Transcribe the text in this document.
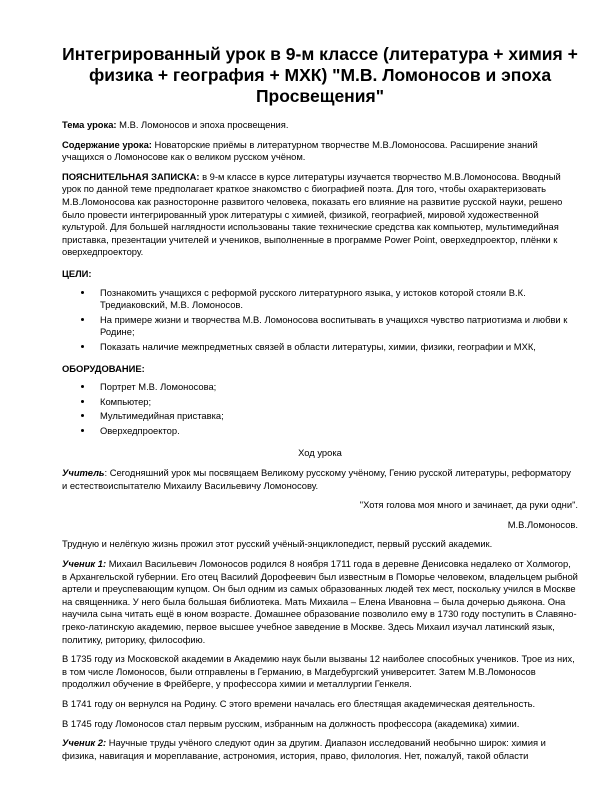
Интегрированный урок в 9-м классе (литература + химия + физика + география + МХК) "М.В. Ломоносов и эпоха Просвещения"

Тема урока: М.В. Ломоносов и эпоха просвещения.

Содержание урока: Новаторские приёмы в литературном творчестве М.В.Ломоносова. Расширение знаний учащихся о Ломоносове как о великом русском учёном.

ПОЯСНИТЕЛЬНАЯ ЗАПИСКА: в 9-м классе в курсе литературы изучается творчество М.В.Ломоносова. Вводный урок по данной теме предполагает краткое знакомство с биографией поэта. Для того, чтобы охарактеризовать М.В.Ломоносова как разносторонне развитого человека, показать его влияние на развитие русской науки, решено было провести интегрированный урок литературы с химией, физикой, географией, мировой художественной культурой. Для большей наглядности использованы такие технические средства как компьютер, мультимедийная приставка, презентации учителей и учеников, выполненные в программе Power Point, оверхедпроектор, плёнки к оверхедпроектору.

ЦЕЛИ:

• Познакомить учащихся с реформой русского литературного языка, у истоков которой стояли В.К. Тредиаковский, М.В. Ломоносов.
• На примере жизни и творчества М.В. Ломоносова воспитывать в учащихся чувство патриотизма и любви к Родине;
• Показать наличие межпредметных связей в области литературы, химии, физики, географии и МХК,

ОБОРУДОВАНИЕ:

• Портрет М.В. Ломоносова;
• Компьютер;
• Мультимедийная приставка;
• Оверхедпроектор.

Ход урока

Учитель: Сегодняшний урок мы посвящаем Великому русскому учёному, Гению русской литературы, реформатору и естествоиспытателю Михаилу Васильевичу Ломоносову.

"Хотя голова моя много и зачинает, да руки одни".

М.В.Ломоносов.

Трудную и нелёгкую жизнь прожил этот русский учёный-энциклопедист, первый русский академик.

Ученик 1: Михаил Васильевич Ломоносов родился 8 ноября 1711 года в деревне Денисовка недалеко от Холмогор, в Архангельской губернии. Его отец Василий Дорофеевич был известным в Поморье человеком, владельцем рыбной артели и преуспевающим купцом. Он был одним из самых образованных людей тех мест, поскольку учился в Москве на священника. У него была большая библиотека. Мать Михаила – Елена Ивановна – была дочерью дьякона. Она научила сына читать ещё в юном возрасте. Домашнее образование позволило ему в 1730 году поступить в Славяно-греко-латинскую академию, первое высшее учебное заведение в Москве. Здесь Михаил изучал латинский язык, политику, риторику, философию.

В 1735 году из Московской академии в Академию наук были вызваны 12 наиболее способных учеников. Трое из них, в том числе Ломоносов, были отправлены в Германию, в Магдебургский университет. Затем М.В.Ломоносов продолжил обучение в Фрейберге, у профессора химии и металлургии Генкеля.

В 1741 году он вернулся на Родину. С этого времени началась его блестящая академическая деятельность.

В 1745 году Ломоносов стал первым русским, избранным на должность профессора (академика) химии.

Ученик 2: Научные труды учёного следуют один за другим. Диапазон исследований необычно широк: химия и физика, навигация и мореплавание, астрономия, история, право, филология. Нет, пожалуй, такой области
